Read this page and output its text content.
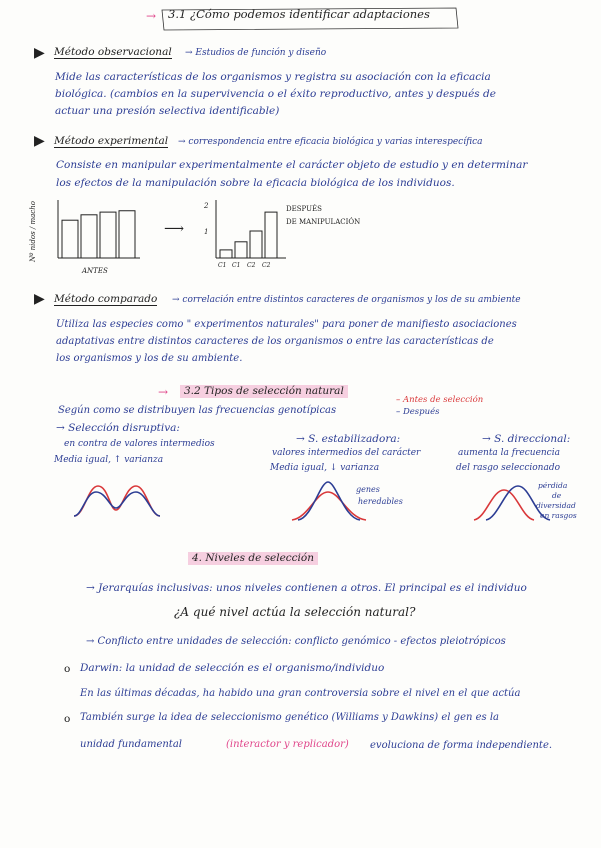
→ 3.1 ¿Cómo podemos identificar adaptaciones
▶ Método observacional → Estudios de función y diseño
Mide las características de los organismos y registra su asociación con la eficacia
biológica. (cambios en la supervivencia o el éxito reproductivo, antes y después de
actuar una presión selectiva identificable)
▶ Método experimental → correspondencia entre eficacia biológica y varias interespecífica
Consiste en manipular experimentalmente el carácter objeto de estudio y en determinar
los efectos de la manipulación sobre la eficacia biológica de los individuos.
Nº nidos / macho
ANTES
⟶
2
1
C1 C1 C2 C2
DESPUÉS
DE MANIPULACIÓN
▶ Método comparado → correlación entre distintos caracteres de organismos y los de su ambiente
Utiliza las especies como " experimentos naturales" para poner de manifiesto asociaciones
adaptativas entre distintos caracteres de los organismos o entre las características de
los organismos y los de su ambiente.
→	3.2 Tipos de selección natural
– Antes de selección
– Después
Según como se distribuyen las frecuencias genotípicas
→ Selección disruptiva:
en contra de valores intermedios
Media igual, ↑ varianza
→ S. estabilizadora:
valores intermedios del carácter
Media igual, ↓ varianza
genes
heredables
→ S. direccional:
aumenta la frecuencia
del rasgo seleccionado
pérdida
de
diversidad
en rasgos
4. Niveles de selección
→ Jerarquías inclusivas: unos niveles contienen a otros. El principal es el individuo
¿A qué nivel actúa la selección natural?
→ Conflicto entre unidades de selección: conflicto genómico - efectos pleiotrópicos
o Darwin: la unidad de selección es el organismo/individuo
En las últimas décadas, ha habido una gran controversia sobre el nivel en el que actúa
o También surge la idea de seleccionismo genético (Williams y Dawkins) el gen es la
unidad fundamental	(interactor y replicador) evoluciona de forma independiente.
